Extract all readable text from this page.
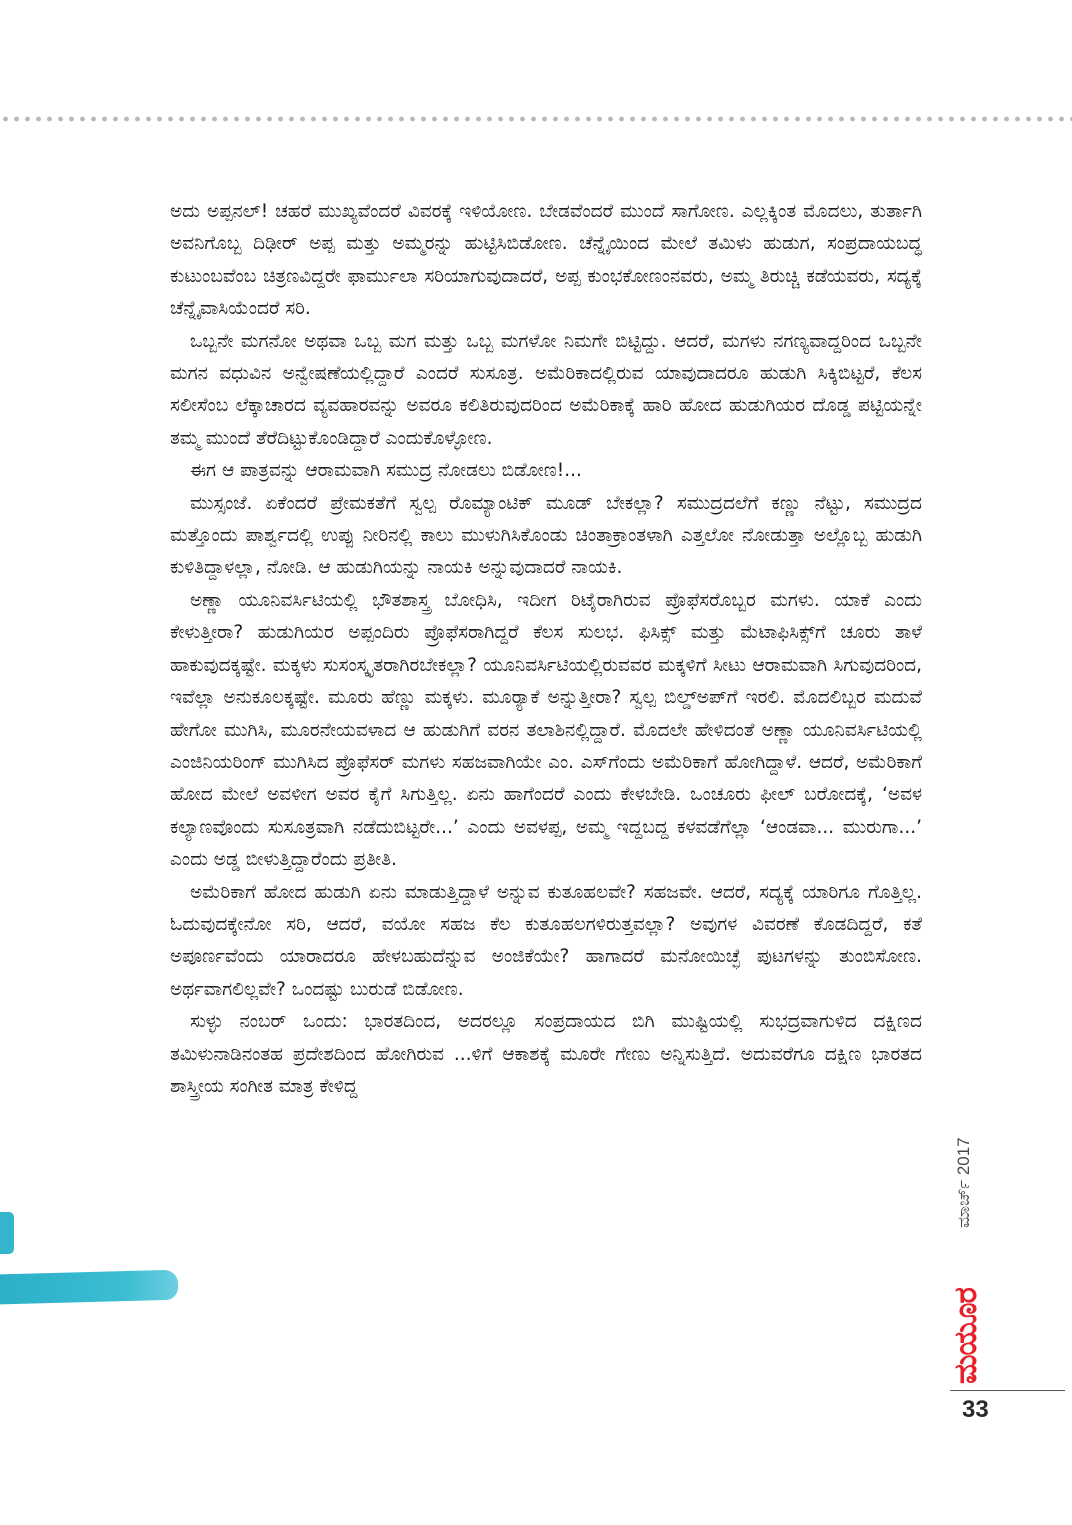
ಅದು ಅಪ್ಪನಲ್! ಚಹರೆ ಮುಖ್ಯವೆಂದರೆ ವಿವರಕ್ಕೆ ಇಳಿಯೋಣ. ಬೇಡವೆಂದರೆ ಮುಂದೆ ಸಾಗೋಣ. ಎಲ್ಲಕ್ಕಿಂತ ಮೊದಲು, ತುರ್ತಾಗಿ ಅವನಿಗೊಬ್ಬ ದಿಢೀರ್ ಅಪ್ಪ ಮತ್ತು ಅಮ್ಮರನ್ನು ಹುಟ್ಟಿಸಿಬಿಡೋಣ. ಚೆನ್ನೈಯಿಂದ ಮೇಲೆ ತಮಿಳು ಹುಡುಗ, ಸಂಪ್ರದಾಯಬದ್ಧ ಕುಟುಂಬವೆಂಬ ಚಿತ್ರಣವಿದ್ದರೇ ಫಾರ್ಮುಲಾ ಸರಿಯಾಗುವುದಾದರೆ, ಅಪ್ಪ ಕುಂಭಕೋಣಂನವರು, ಅಮ್ಮ ತಿರುಚ್ಚಿ ಕಡೆಯವರು, ಸದ್ಯಕ್ಕೆ ಚೆನ್ನೈವಾಸಿಯೆಂದರೆ ಸರಿ.

ಒಬ್ಬನೇ ಮಗನೋ ಅಥವಾ ಒಬ್ಬ ಮಗ ಮತ್ತು ಒಬ್ಬ ಮಗಳೋ ನಿಮಗೇ ಬಿಟ್ಟಿದ್ದು. ಆದರೆ, ಮಗಳು ನಗಣ್ಯವಾದ್ದರಿಂದ ಒಬ್ಬನೇ ಮಗನ ವಧುವಿನ ಅನ್ವೇಷಣೆಯಲ್ಲಿದ್ದಾರೆ ಎಂದರೆ ಸುಸೂತ್ರ. ಅಮೆರಿಕಾದಲ್ಲಿರುವ ಯಾವುದಾದರೂ ಹುಡುಗಿ ಸಿಕ್ಕಿಬಿಟ್ಟರೆ, ಕೆಲಸ ಸಲೀಸೆಂಬ ಲೆಕ್ಕಾಚಾರದ ವ್ಯವಹಾರವನ್ನು ಅವರೂ ಕಲಿತಿರುವುದರಿಂದ ಅಮೆರಿಕಾಕ್ಕೆ ಹಾರಿ ಹೋದ ಹುಡುಗಿಯರ ದೊಡ್ಡ ಪಟ್ಟಿಯನ್ನೇ ತಮ್ಮ ಮುಂದೆ ತೆರೆದಿಟ್ಟುಕೊಂಡಿದ್ದಾರೆ ಎಂದುಕೊಳ್ಳೋಣ.

ಈಗ ಆ ಪಾತ್ರವನ್ನು ಆರಾಮವಾಗಿ ಸಮುದ್ರ ನೋಡಲು ಬಿಡೋಣ!...

ಮುಸ್ಸಂಜೆ. ಏಕೆಂದರೆ ಪ್ರೇಮಕತೆಗೆ ಸ್ವಲ್ಪ ರೊಮ್ಯಾಂಟಿಕ್ ಮೂಡ್ ಬೇಕಲ್ಲಾ? ಸಮುದ್ರದಲೆಗೆ ಕಣ್ಣು ನೆಟ್ಟು, ಸಮುದ್ರದ ಮತ್ತೊಂದು ಪಾರ್ಶ್ವದಲ್ಲಿ ಉಪ್ಪು ನೀರಿನಲ್ಲಿ ಕಾಲು ಮುಳುಗಿಸಿಕೊಂಡು ಚಿಂತಾಕ್ರಾಂತಳಾಗಿ ಎತ್ತಲೋ ನೋಡುತ್ತಾ ಅಲ್ಲೊಬ್ಬ ಹುಡುಗಿ ಕುಳಿತಿದ್ದಾಳಲ್ಲಾ, ನೋಡಿ. ಆ ಹುಡುಗಿಯನ್ನು ನಾಯಕಿ ಅನ್ನುವುದಾದರೆ ನಾಯಕಿ.

ಅಣ್ಣಾ ಯೂನಿವರ್ಸಿಟಿಯಲ್ಲಿ ಭೌತಶಾಸ್ತ್ರ ಬೋಧಿಸಿ, ಇದೀಗ ರಿಟೈರಾಗಿರುವ ಪ್ರೊಫೆಸರೊಬ್ಬರ ಮಗಳು. ಯಾಕೆ ಎಂದು ಕೇಳುತ್ತೀರಾ? ಹುಡುಗಿಯರ ಅಪ್ಪಂದಿರು ಪ್ರೊಫೆಸರಾಗಿದ್ದರೆ ಕೆಲಸ ಸುಲಭ. ಫಿಸಿಕ್ಸ್ ಮತ್ತು ಮೆಟಾಫಿಸಿಕ್ಸ್‌ಗೆ ಚೂರು ತಾಳೆ ಹಾಕುವುದಕ್ಕಷ್ಟೇ. ಮಕ್ಕಳು ಸುಸಂಸ್ಕೃತರಾಗಿರಬೇಕಲ್ಲಾ? ಯೂನಿವರ್ಸಿಟಿಯಲ್ಲಿರುವವರ ಮಕ್ಕಳಿಗೆ ಸೀಟು ಆರಾಮವಾಗಿ ಸಿಗುವುದರಿಂದ, ಇವೆಲ್ಲಾ ಅನುಕೂಲಕ್ಕಷ್ಟೇ. ಮೂರು ಹೆಣ್ಣು ಮಕ್ಕಳು. ಮೂರ್‍ಯಾಕೆ ಅನ್ನುತ್ತೀರಾ? ಸ್ವಲ್ಪ ಬಿಲ್ಡ್‌ಅಪ್‌ಗೆ ಇರಲಿ. ಮೊದಲಿಬ್ಬರ ಮದುವೆ ಹೇಗೋ ಮುಗಿಸಿ, ಮೂರನೇಯವಳಾದ ಆ ಹುಡುಗಿಗೆ ವರನ ತಲಾಶಿನಲ್ಲಿದ್ದಾರೆ. ಮೊದಲೇ ಹೇಳಿದಂತೆ ಅಣ್ಣಾ ಯೂನಿವರ್ಸಿಟಿಯಲ್ಲಿ ಎಂಜಿನಿಯರಿಂಗ್ ಮುಗಿಸಿದ ಪ್ರೊಫೆಸರ್ ಮಗಳು ಸಹಜವಾಗಿಯೇ ಎಂ. ಎಸ್‌ಗೆಂದು ಅಮೆರಿಕಾಗೆ ಹೋಗಿದ್ದಾಳೆ. ಆದರೆ, ಅಮೆರಿಕಾಗೆ ಹೋದ ಮೇಲೆ ಅವಳೀಗ ಅವರ ಕೈಗೆ ಸಿಗುತ್ತಿಲ್ಲ. ಏನು ಹಾಗೆಂದರೆ ಎಂದು ಕೇಳಬೇಡಿ. ಒಂಚೂರು ಫೀಲ್ ಬರೋದಕ್ಕೆ, ‘ಅವಳ ಕಲ್ಯಾಣವೊಂದು ಸುಸೂತ್ರವಾಗಿ ನಡೆದುಬಿಟ್ಟರೇ...’ ಎಂದು ಅವಳಪ್ಪ, ಅಮ್ಮ ಇದ್ದಬದ್ದ ಕಳವಡೆಗೆಲ್ಲಾ ‘ಆಂಡವಾ... ಮುರುಗಾ...’ ಎಂದು ಅಡ್ಡ ಬೀಳುತ್ತಿದ್ದಾರೆಂದು ಪ್ರತೀತಿ.

ಅಮೆರಿಕಾಗೆ ಹೋದ ಹುಡುಗಿ ಏನು ಮಾಡುತ್ತಿದ್ದಾಳೆ ಅನ್ನುವ ಕುತೂಹಲವೇ? ಸಹಜವೇ. ಆದರೆ, ಸದ್ಯಕ್ಕೆ ಯಾರಿಗೂ ಗೊತ್ತಿಲ್ಲ. ಓದುವುದಕ್ಕೇನೋ ಸರಿ, ಆದರೆ, ವಯೋ ಸಹಜ ಕೆಲ ಕುತೂಹಲಗಳಿರುತ್ತವಲ್ಲಾ? ಅವುಗಳ ವಿವರಣೆ ಕೊಡದಿದ್ದರೆ, ಕತೆ ಅಪೂರ್ಣವೆಂದು ಯಾರಾದರೂ ಹೇಳಬಹುದೆನ್ನುವ ಅಂಜಿಕೆಯೇ? ಹಾಗಾದರೆ ಮನೋಯಿಚ್ಛೆ ಪುಟಗಳನ್ನು ತುಂಬಿಸೋಣ. ಅರ್ಥವಾಗಲಿಲ್ಲವೇ? ಒಂದಷ್ಟು ಬುರುಡೆ ಬಿಡೋಣ.

ಸುಳ್ಳು ನಂಬರ್ ಒಂದು: ಭಾರತದಿಂದ, ಅದರಲ್ಲೂ ಸಂಪ್ರದಾಯದ ಬಿಗಿ ಮುಷ್ಟಿಯಲ್ಲಿ ಸುಭದ್ರವಾಗುಳಿದ ದಕ್ಷಿಣದ ತಮಿಳುನಾಡಿನಂತಹ ಪ್ರದೇಶದಿಂದ ಹೋಗಿರುವ ...ಳಿಗೆ ಆಕಾಶಕ್ಕೆ ಮೂರೇ ಗೇಣು ಅನ್ನಿಸುತ್ತಿದೆ. ಅದುವರೆಗೂ ದಕ್ಷಿಣ ಭಾರತದ ಶಾಸ್ತ್ರೀಯ ಸಂಗೀತ ಮಾತ್ರ ಕೇಳಿದ್ದ

ಮಾರ್ಚ್ 2017
ಮಯೂರ
33
